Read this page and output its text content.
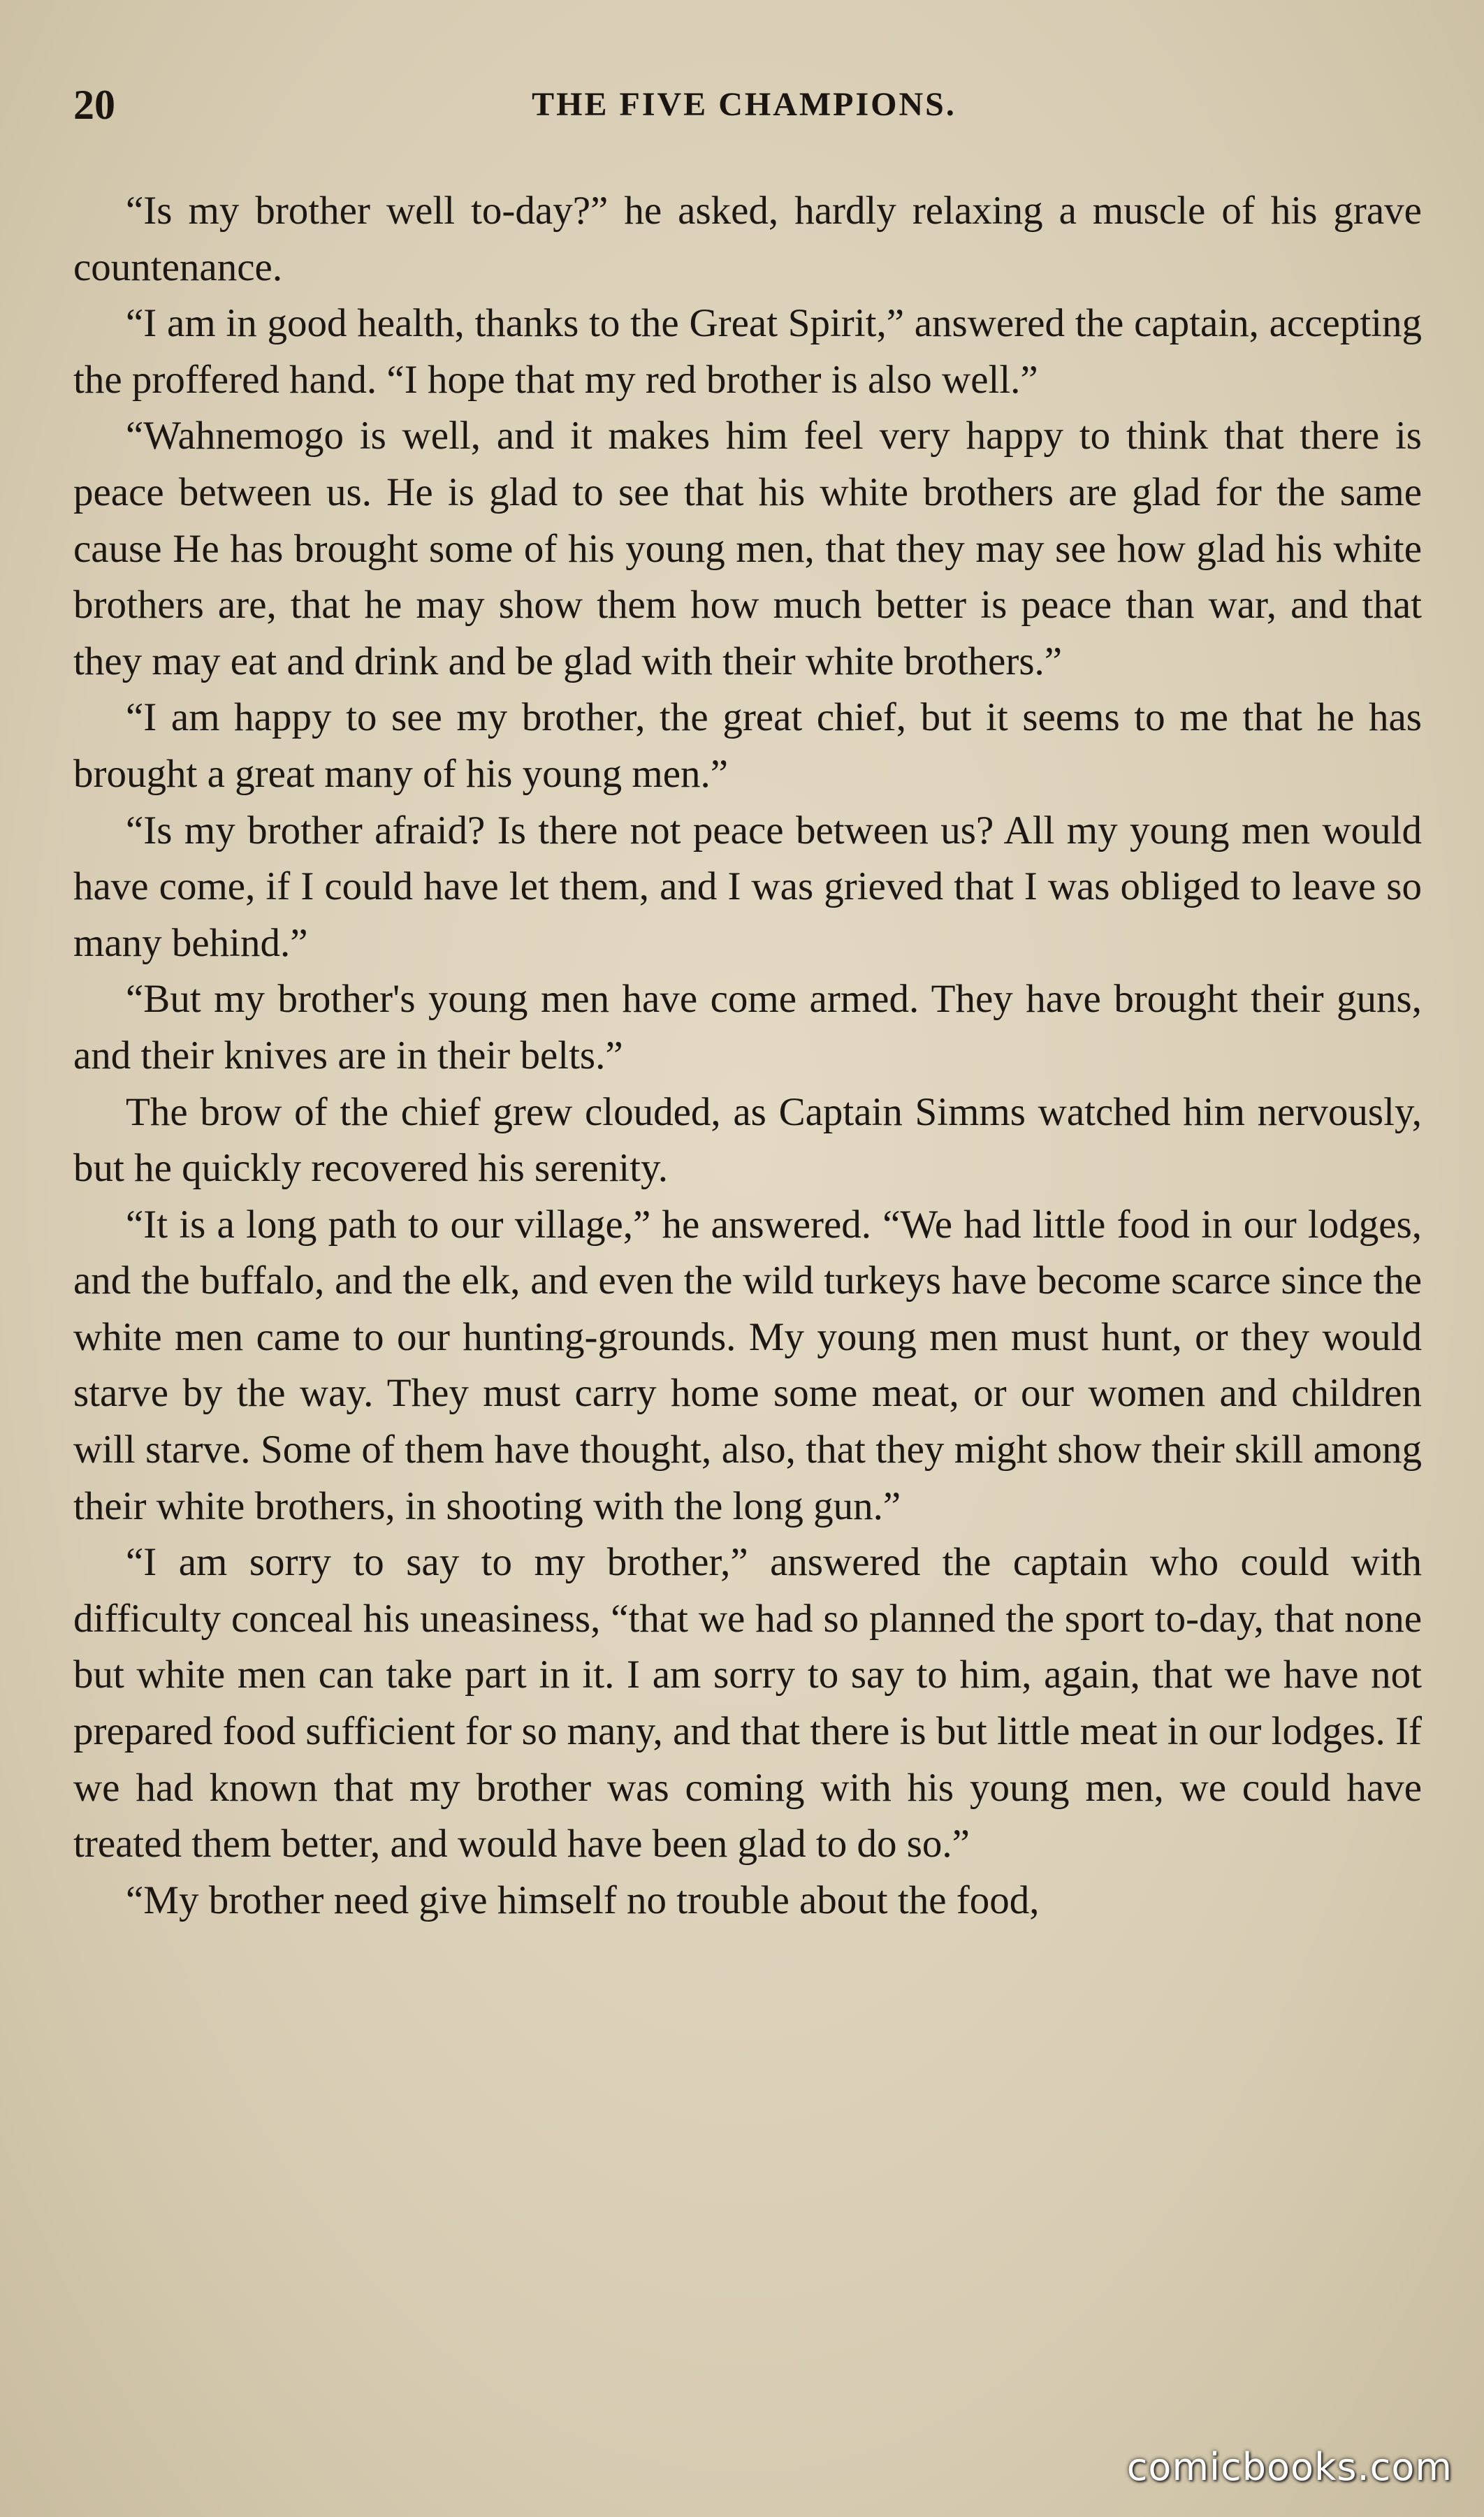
20	THE FIVE CHAMPIONS.

“Is my brother well to-day?” he asked, hardly relaxing a muscle of his grave countenance.

“I am in good health, thanks to the Great Spirit,” answered the captain, accepting the proffered hand. “I hope that my red brother is also well.”

“Wahnemogo is well, and it makes him feel very happy to think that there is peace between us. He is glad to see that his white brothers are glad for the same cause He has brought some of his young men, that they may see how glad his white brothers are, that he may show them how much better is peace than war, and that they may eat and drink and be glad with their white brothers.”

“I am happy to see my brother, the great chief, but it seems to me that he has brought a great many of his young men.”

“Is my brother afraid? Is there not peace between us? All my young men would have come, if I could have let them, and I was grieved that I was obliged to leave so many behind.”

“But my brother's young men have come armed. They have brought their guns, and their knives are in their belts.”

The brow of the chief grew clouded, as Captain Simms watched him nervously, but he quickly recovered his serenity.

“It is a long path to our village,” he answered. “We had little food in our lodges, and the buffalo, and the elk, and even the wild turkeys have become scarce since the white men came to our hunting-grounds. My young men must hunt, or they would starve by the way. They must carry home some meat, or our women and children will starve. Some of them have thought, also, that they might show their skill among their white brothers, in shooting with the long gun.”

“I am sorry to say to my brother,” answered the captain who could with difficulty conceal his uneasiness, “that we had so planned the sport to-day, that none but white men can take part in it. I am sorry to say to him, again, that we have not prepared food sufficient for so many, and that there is but little meat in our lodges. If we had known that my brother was coming with his young men, we could have treated them better, and would have been glad to do so.”

“My brother need give himself no trouble about the food,

comicbooks.com
